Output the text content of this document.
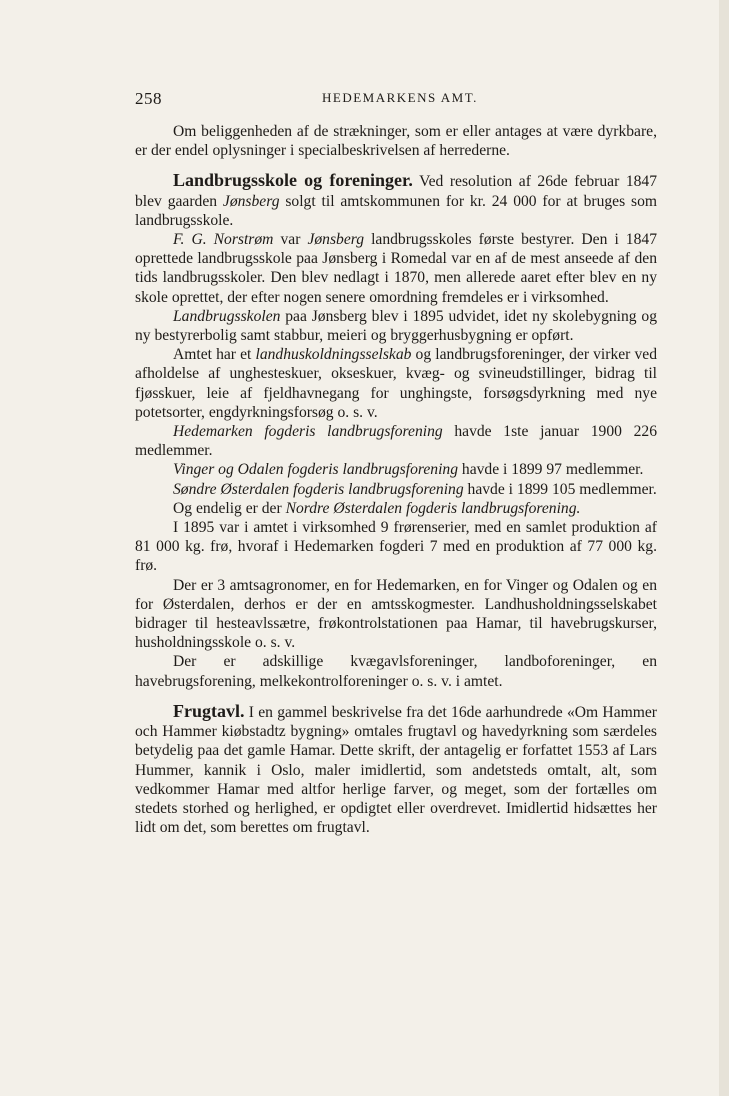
258	HEDEMARKENS AMT.

Om beliggenheden af de strækninger, som er eller antages at være dyrkbare, er der endel oplysninger i specialbeskrivelsen af herrederne.

Landbrugsskole og foreninger. Ved resolution af 26de februar 1847 blev gaarden Jønsberg solgt til amtskommunen for kr. 24 000 for at bruges som landbrugsskole.

F. G. Norstrøm var Jønsberg landbrugsskoles første bestyrer. Den i 1847 oprettede landbrugsskole paa Jønsberg i Romedal var en af de mest anseede af den tids landbrugsskoler. Den blev nedlagt i 1870, men allerede aaret efter blev en ny skole oprettet, der efter nogen senere omordning fremdeles er i virksomhed.

Landbrugsskolen paa Jønsberg blev i 1895 udvidet, idet ny skolebygning og ny bestyrerbolig samt stabbur, meieri og bryggerhusbygning er opført.

Amtet har et landhuskoldningsselskab og landbrugsforeninger, der virker ved afholdelse af unghesteskuer, okseskuer, kvæg- og svineudstillinger, bidrag til fjøsskuer, leie af fjeldhavnegang for unghingste, forsøgsdyrkning med nye potetsorter, engdyrkningsforsøg o. s. v.

Hedemarken fogderis landbrugsforening havde 1ste januar 1900 226 medlemmer.

Vinger og Odalen fogderis landbrugsforening havde i 1899 97 medlemmer.

Søndre Østerdalen fogderis landbrugsforening havde i 1899 105 medlemmer.

Og endelig er der Nordre Østerdalen fogderis landbrugsforening.

I 1895 var i amtet i virksomhed 9 frørenserier, med en samlet produktion af 81 000 kg. frø, hvoraf i Hedemarken fogderi 7 med en produktion af 77 000 kg. frø.

Der er 3 amtsagronomer, en for Hedemarken, en for Vinger og Odalen og en for Østerdalen, derhos er der en amtsskogmester. Landhusholdningsselskabet bidrager til hesteavlssætre, frøkontrolstationen paa Hamar, til havebrugskurser, husholdningsskole o. s. v.

Der er adskillige kvægavlsforeninger, landboforeninger, en havebrugsforening, melkekontrolforeninger o. s. v. i amtet.

Frugtavl. I en gammel beskrivelse fra det 16de aarhundrede «Om Hammer och Hammer kiøbstadtz bygning» omtales frugtavl og havedyrkning som særdeles betydelig paa det gamle Hamar. Dette skrift, der antagelig er forfattet 1553 af Lars Hummer, kannik i Oslo, maler imidlertid, som andetsteds omtalt, alt, som vedkommer Hamar med altfor herlige farver, og meget, som der fortælles om stedets storhed og herlighed, er opdigtet eller overdrevet. Imidlertid hidsættes her lidt om det, som berettes om frugtavl.
